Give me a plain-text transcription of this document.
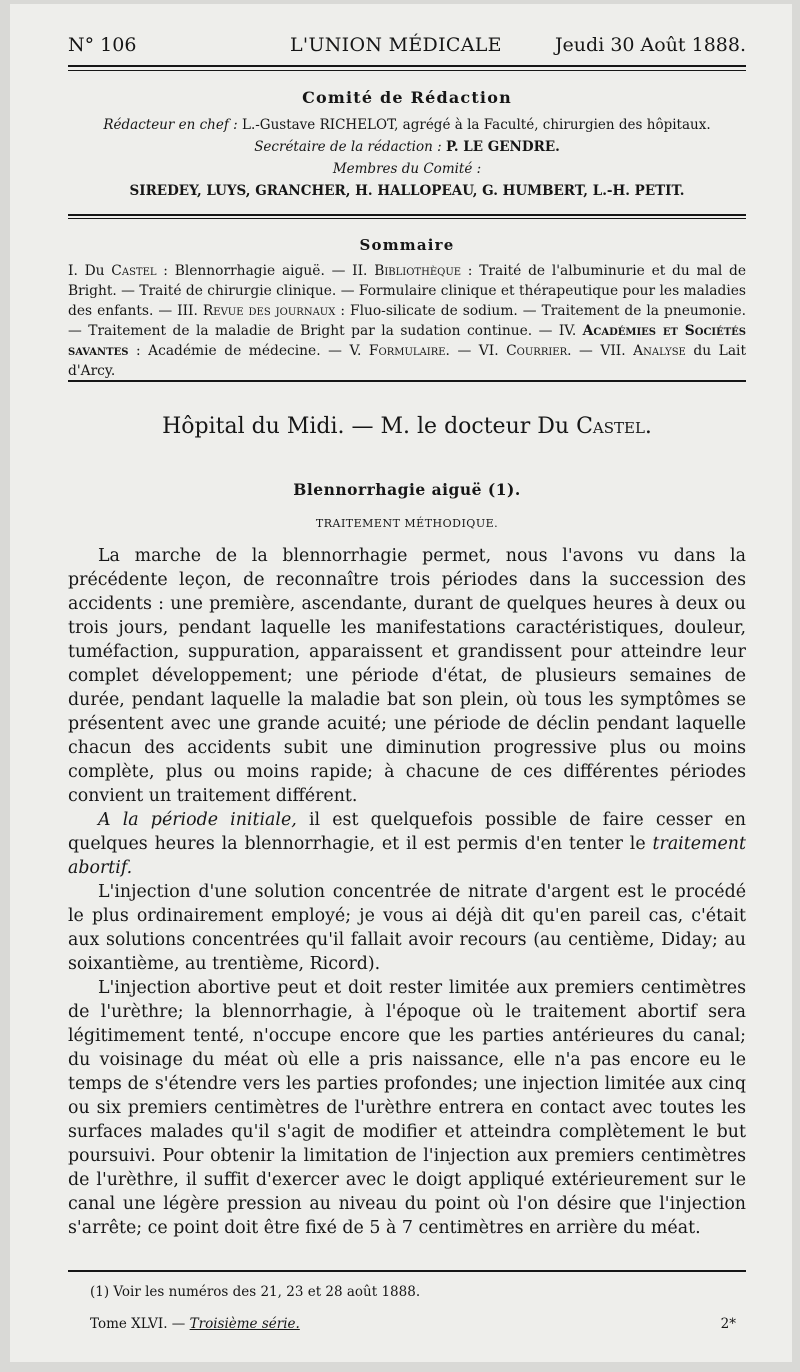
N° 106	L'UNION MÉDICALE	Jeudi 30 Août 1888.
Comité de Rédaction
Rédacteur en chef : L.-Gustave RICHELOT, agrégé à la Faculté, chirurgien des hôpitaux.
Secrétaire de la rédaction : P. LE GENDRE.
Membres du Comité :
SIREDEY, LUYS, GRANCHER, H. HALLOPEAU, G. HUMBERT, L.-H. PETIT.
Sommaire
I. Du Castel : Blennorrhagie aiguë. — II. Bibliothèque : Traité de l'albuminurie et du mal de Bright. — Traité de chirurgie clinique. — Formulaire clinique et thérapeutique pour les maladies des enfants. — III. Revue des journaux : Fluo-silicate de sodium. — Traitement de la pneumonie. — Traitement de la maladie de Bright par la sudation continue. — IV. Académies et Sociétés savantes : Académie de médecine. — V. Formulaire. — VI. Courrier. — VII. Analyse du Lait d'Arcy.
Hôpital du Midi. — M. le docteur Du Castel.
Blennorrhagie aiguë (1).
TRAITEMENT MÉTHODIQUE.

La marche de la blennorrhagie permet, nous l'avons vu dans la précédente leçon, de reconnaître trois périodes dans la succession des accidents : une première, ascendante, durant de quelques heures à deux ou trois jours, pendant laquelle les manifestations caractéristiques, douleur, tuméfaction, suppuration, apparaissent et grandissent pour atteindre leur complet développement; une période d'état, de plusieurs semaines de durée, pendant laquelle la maladie bat son plein, où tous les symptômes se présentent avec une grande acuité; une période de déclin pendant laquelle chacun des accidents subit une diminution progressive plus ou moins complète, plus ou moins rapide; à chacune de ces différentes périodes convient un traitement différent.

A la période initiale, il est quelquefois possible de faire cesser en quelques heures la blennorrhagie, et il est permis d'en tenter le traitement abortif.

L'injection d'une solution concentrée de nitrate d'argent est le procédé le plus ordinairement employé; je vous ai déjà dit qu'en pareil cas, c'était aux solutions concentrées qu'il fallait avoir recours (au centième, Diday; au soixantième, au trentième, Ricord).

L'injection abortive peut et doit rester limitée aux premiers centimètres de l'urèthre; la blennorrhagie, à l'époque où le traitement abortif sera légitimement tenté, n'occupe encore que les parties antérieures du canal; du voisinage du méat où elle a pris naissance, elle n'a pas encore eu le temps de s'étendre vers les parties profondes; une injection limitée aux cinq ou six premiers centimètres de l'urèthre entrera en contact avec toutes les surfaces malades qu'il s'agit de modifier et atteindra complètement le but poursuivi. Pour obtenir la limitation de l'injection aux premiers centimètres de l'urèthre, il suffit d'exercer avec le doigt appliqué extérieurement sur le canal une légère pression au niveau du point où l'on désire que l'injection s'arrête; ce point doit être fixé de 5 à 7 centimètres en arrière du méat.

(1) Voir les numéros des 21, 23 et 28 août 1888.
Tome XLVI. — Troisième série.	2*
